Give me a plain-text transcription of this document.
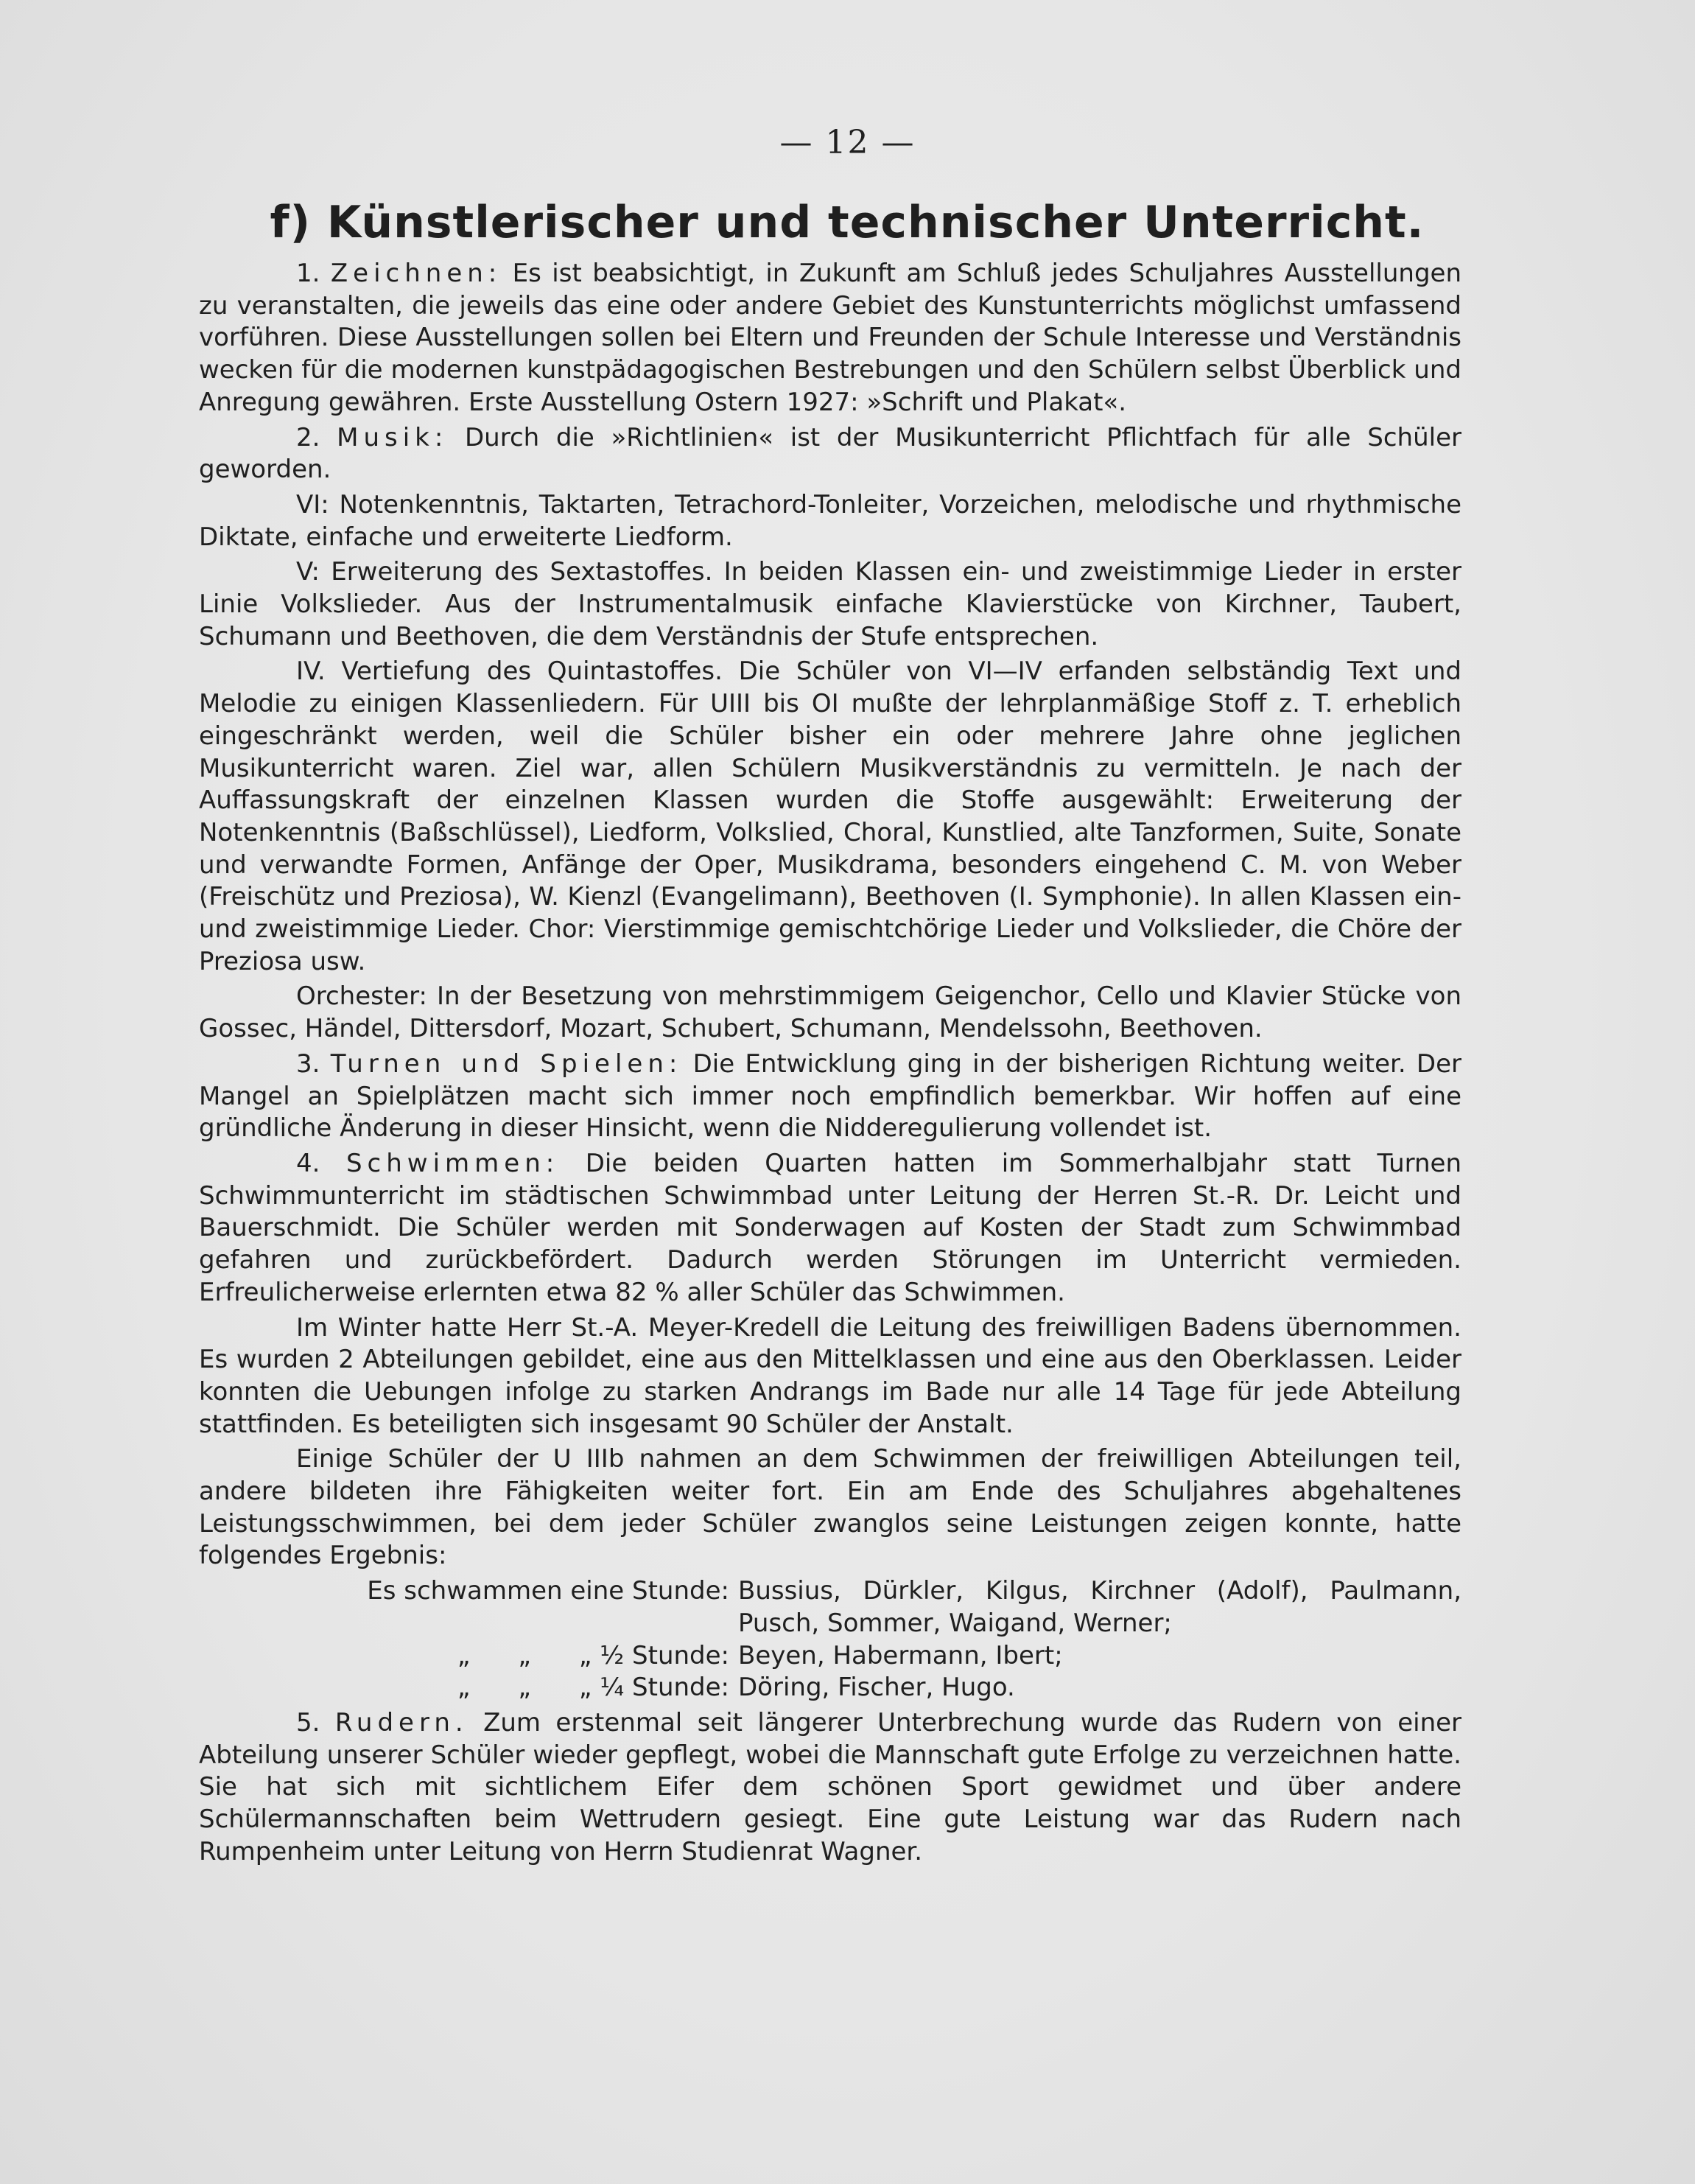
— 12 —
f) Künstlerischer und technischer Unterricht.

1. Zeichnen: Es ist beabsichtigt, in Zukunft am Schluß jedes Schuljahres Ausstellungen zu veranstalten, die jeweils das eine oder andere Gebiet des Kunstunterrichts möglichst umfassend vorführen. Diese Ausstellungen sollen bei Eltern und Freunden der Schule Interesse und Verständnis wecken für die modernen kunstpädagogischen Bestrebungen und den Schülern selbst Überblick und Anregung gewähren. Erste Ausstellung Ostern 1927: »Schrift und Plakat«.

2. Musik: Durch die »Richtlinien« ist der Musikunterricht Pflichtfach für alle Schüler geworden.

VI: Notenkenntnis, Taktarten, Tetrachord-Tonleiter, Vorzeichen, melodische und rhythmische Diktate, einfache und erweiterte Liedform.

V: Erweiterung des Sextastoffes. In beiden Klassen ein- und zweistimmige Lieder in erster Linie Volkslieder. Aus der Instrumentalmusik einfache Klavierstücke von Kirchner, Taubert, Schumann und Beethoven, die dem Verständnis der Stufe entsprechen.

IV. Vertiefung des Quintastoffes. Die Schüler von VI—IV erfanden selbständig Text und Melodie zu einigen Klassenliedern. Für UIII bis OI mußte der lehrplanmäßige Stoff z. T. erheblich eingeschränkt werden, weil die Schüler bisher ein oder mehrere Jahre ohne jeglichen Musikunterricht waren. Ziel war, allen Schülern Musikverständnis zu vermitteln. Je nach der Auffassungskraft der einzelnen Klassen wurden die Stoffe ausgewählt: Erweiterung der Notenkenntnis (Baßschlüssel), Liedform, Volkslied, Choral, Kunstlied, alte Tanzformen, Suite, Sonate und verwandte Formen, Anfänge der Oper, Musikdrama, besonders eingehend C. M. von Weber (Freischütz und Preziosa), W. Kienzl (Evangelimann), Beethoven (I. Symphonie). In allen Klassen ein- und zweistimmige Lieder. Chor: Vierstimmige gemischtchörige Lieder und Volkslieder, die Chöre der Preziosa usw.

Orchester: In der Besetzung von mehrstimmigem Geigenchor, Cello und Klavier Stücke von Gossec, Händel, Dittersdorf, Mozart, Schubert, Schumann, Mendelssohn, Beethoven.

3. Turnen und Spielen: Die Entwicklung ging in der bisherigen Richtung weiter. Der Mangel an Spielplätzen macht sich immer noch empfindlich bemerkbar. Wir hoffen auf eine gründliche Änderung in dieser Hinsicht, wenn die Nidderegulierung vollendet ist.

4. Schwimmen: Die beiden Quarten hatten im Sommerhalbjahr statt Turnen Schwimmunterricht im städtischen Schwimmbad unter Leitung der Herren St.-R. Dr. Leicht und Bauerschmidt. Die Schüler werden mit Sonderwagen auf Kosten der Stadt zum Schwimmbad gefahren und zurückbefördert. Dadurch werden Störungen im Unterricht vermieden. Erfreulicherweise erlernten etwa 82 % aller Schüler das Schwimmen.

Im Winter hatte Herr St.-A. Meyer-Kredell die Leitung des freiwilligen Badens übernommen. Es wurden 2 Abteilungen gebildet, eine aus den Mittelklassen und eine aus den Oberklassen. Leider konnten die Uebungen infolge zu starken Andrangs im Bade nur alle 14 Tage für jede Abteilung stattfinden. Es beteiligten sich insgesamt 90 Schüler der Anstalt.

Einige Schüler der U IIIb nahmen an dem Schwimmen der freiwilligen Abteilungen teil, andere bildeten ihre Fähigkeiten weiter fort. Ein am Ende des Schuljahres abgehaltenes Leistungsschwimmen, bei dem jeder Schüler zwanglos seine Leistungen zeigen konnte, hatte folgendes Ergebnis:

Es schwammen eine Stunde: Bussius, Dürkler, Kilgus, Kirchner (Adolf), Paulmann, Pusch, Sommer, Waigand, Werner;
„      „      „ ½ Stunde: Beyen, Habermann, Ibert;
„      „      „ ¼ Stunde: Döring, Fischer, Hugo.

5. Rudern. Zum erstenmal seit längerer Unterbrechung wurde das Rudern von einer Abteilung unserer Schüler wieder gepflegt, wobei die Mannschaft gute Erfolge zu verzeichnen hatte. Sie hat sich mit sichtlichem Eifer dem schönen Sport gewidmet und über andere Schülermannschaften beim Wettrudern gesiegt. Eine gute Leistung war das Rudern nach Rumpenheim unter Leitung von Herrn Studienrat Wagner.
